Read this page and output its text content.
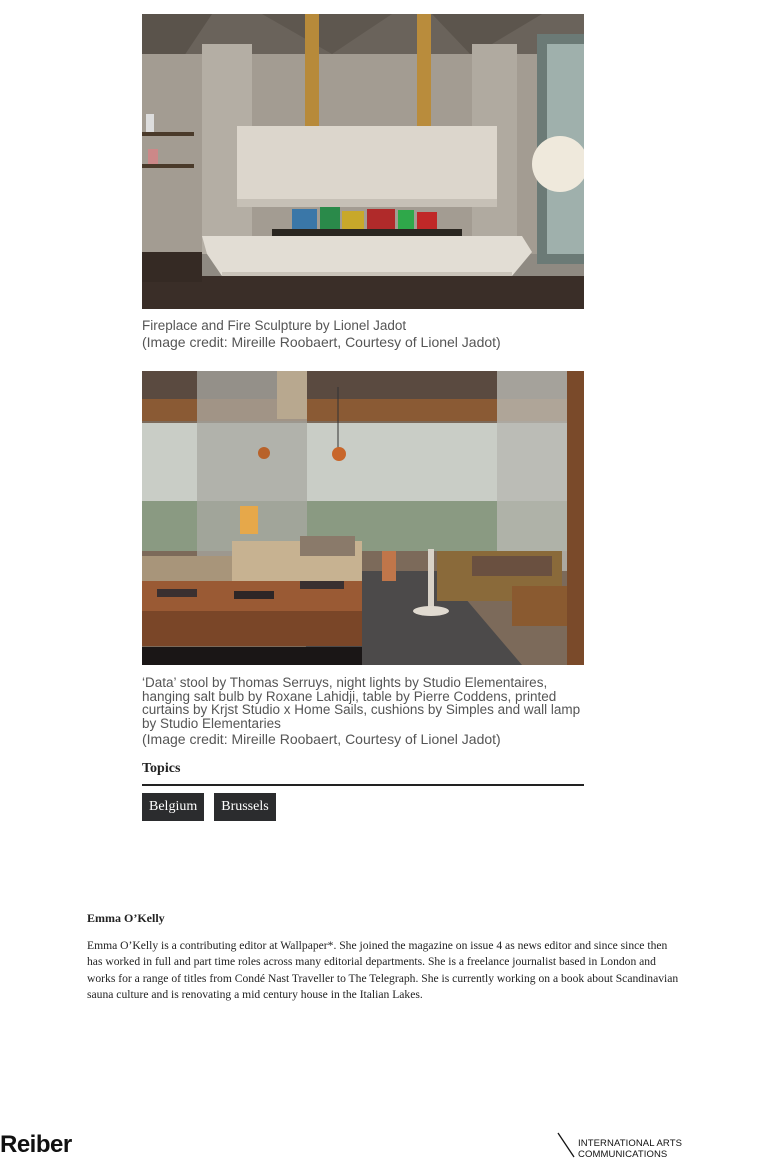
Fireplace and Fire Sculpture by Lionel Jadot

(Image credit: Mireille Roobaert, Courtesy of Lionel Jadot)

‘Data’ stool by Thomas Serruys, night lights by Studio Elementaires,

hanging salt bulb by Roxane Lahidji, table by Pierre Coddens, printed

curtains by Krjst Studio x Home Sails, cushions by Simples and wall lamp

by Studio Elementaries

(Image credit: Mireille Roobaert, Courtesy of Lionel Jadot)

Topics
Belgium	Brussels
Emma O’Kelly

Emma O’Kelly is a contributing editor at Wallpaper*. She joined the magazine on issue 4 as news editor and since since then has worked in full and part time roles across many editorial departments. She is a freelance journalist based in London and works for a range of titles from Condé Nast Traveller to The Telegraph. She is currently working on a book about Scandinavian sauna culture and is renovating a mid century house in the Italian Lakes.

Reiber	INTERNATIONAL ARTS COMMUNICATIONS
